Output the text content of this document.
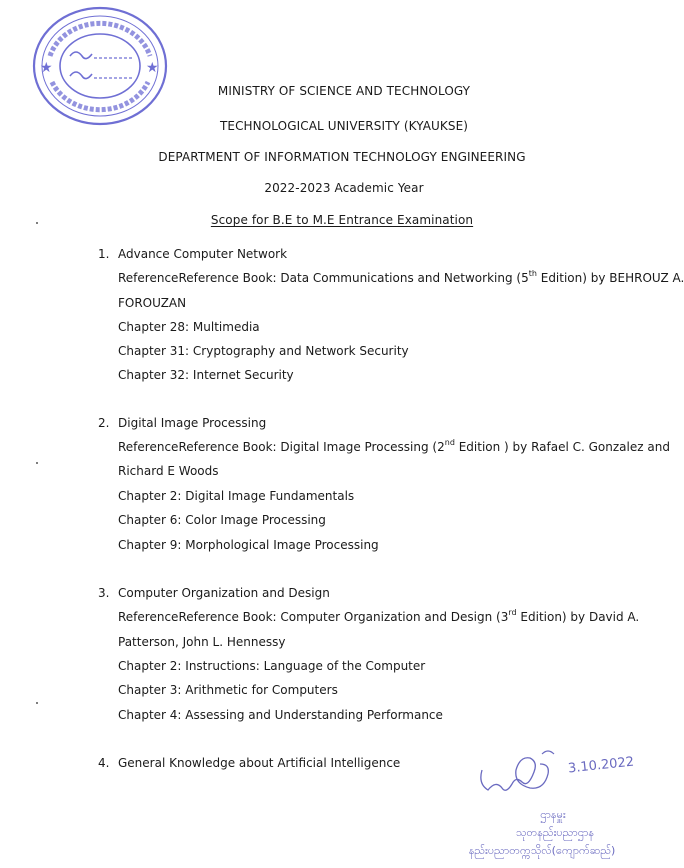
★	★
MINISTRY OF SCIENCE AND TECHNOLOGY
TECHNOLOGICAL UNIVERSITY (KYAUKSE)
DEPARTMENT OF INFORMATION TECHNOLOGY ENGINEERING
2022-2023 Academic Year
Scope for B.E to M.E Entrance Examination
1. Advance Computer Network
Reference Reference Book: Data Communications and Networking (5th Edition) by BEHROUZ A.
FOROUZAN
Chapter 28: Multimedia
Chapter 31: Cryptography and Network Security
Chapter 32: Internet Security
2. Digital Image Processing
Reference Reference Book: Digital Image Processing (2nd Edition ) by Rafael C. Gonzalez and
Richard E Woods
Chapter 2: Digital Image Fundamentals
Chapter 6: Color Image Processing
Chapter 9: Morphological Image Processing
3. Computer Organization and Design
Reference Reference Book: Computer Organization and Design (3rd Edition) by David A.
Patterson, John L. Hennessy
Chapter 2: Instructions: Language of the Computer
Chapter 3: Arithmetic for Computers
Chapter 4: Assessing and Understanding Performance
4. General Knowledge about Artificial Intelligence	3.10.2022
ဌာနမှူး
သုတနည်းပညာဌာန
နည်းပညာတက္ကသိုလ်(ကျောက်ဆည်)
